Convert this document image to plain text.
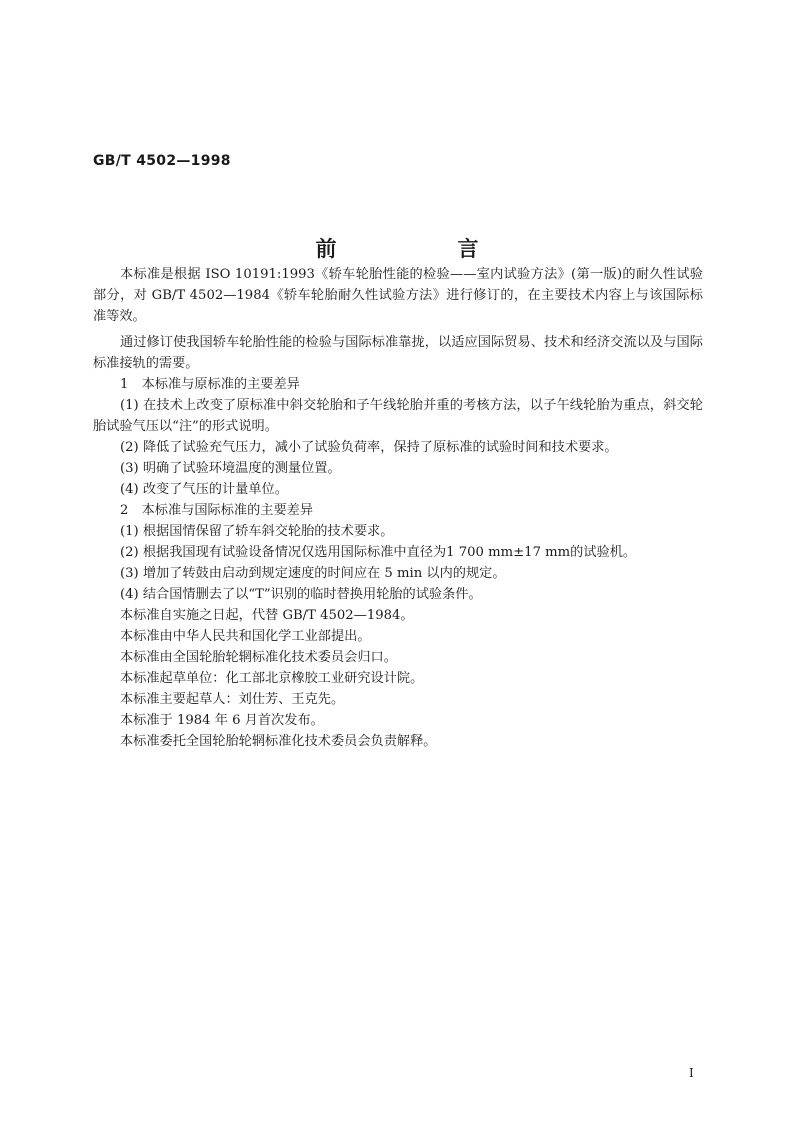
GB/T 4502—1998
前　言

本标准是根据 ISO 10191:1993《轿车轮胎性能的检验——室内试验方法》(第一版)的耐久性试验部分，对 GB/T 4502—1984《轿车轮胎耐久性试验方法》进行修订的，在主要技术内容上与该国际标准等效。

通过修订使我国轿车轮胎性能的检验与国际标准靠拢，以适应国际贸易、技术和经济交流以及与国际标准接轨的需要。

1　本标准与原标准的主要差异

(1) 在技术上改变了原标准中斜交轮胎和子午线轮胎并重的考核方法，以子午线轮胎为重点，斜交轮胎试验气压以“注”的形式说明。

(2) 降低了试验充气压力，减小了试验负荷率，保持了原标准的试验时间和技术要求。

(3) 明确了试验环境温度的测量位置。

(4) 改变了气压的计量单位。

2　本标准与国际标准的主要差异

(1) 根据国情保留了轿车斜交轮胎的技术要求。

(2) 根据我国现有试验设备情况仅选用国际标准中直径为1 700 mm±17 mm的试验机。

(3) 增加了转鼓由启动到规定速度的时间应在 5 min 以内的规定。

(4) 结合国情删去了以“T”识别的临时替换用轮胎的试验条件。

本标准自实施之日起，代替 GB/T 4502—1984。

本标准由中华人民共和国化学工业部提出。

本标准由全国轮胎轮辋标准化技术委员会归口。

本标准起草单位：化工部北京橡胶工业研究设计院。

本标准主要起草人：刘仕芳、王克先。

本标准于 1984 年 6 月首次发布。

本标准委托全国轮胎轮辋标准化技术委员会负责解释。

I
